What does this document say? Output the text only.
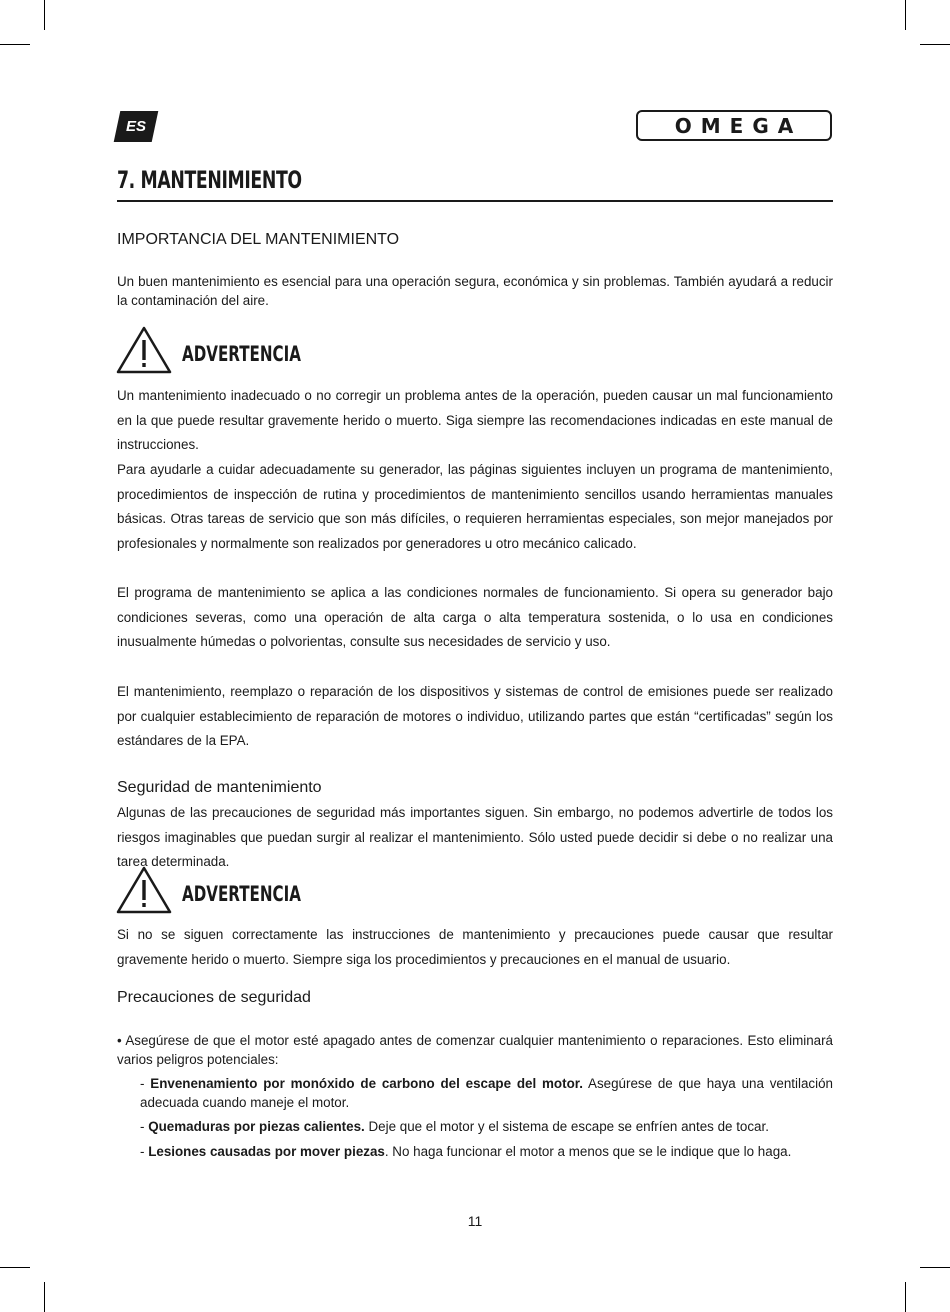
ES	OMEGA
7. MANTENIMIENTO
IMPORTANCIA DEL MANTENIMIENTO

Un buen mantenimiento es esencial para una operación segura, económica y sin problemas. También ayudará a reducir la contaminación del aire.

ADVERTENCIA

Un mantenimiento inadecuado o no corregir un problema antes de la operación, pueden causar un mal funcionamiento en la que puede resultar gravemente herido o muerto. Siga siempre las recomendaciones indicadas en este manual de instrucciones.

Para ayudarle a cuidar adecuadamente su generador, las páginas siguientes incluyen un programa de mantenimiento, procedimientos de inspección de rutina y procedimientos de mantenimiento sencillos usando herramientas manuales básicas. Otras tareas de servicio que son más difíciles, o requieren herramientas especiales, son mejor manejados por profesionales y normalmente son realizados por generadores u otro mecánico calicado.

El programa de mantenimiento se aplica a las condiciones normales de funcionamiento. Si opera su generador bajo condiciones severas, como una operación de alta carga o alta temperatura sostenida, o lo usa en condiciones inusualmente húmedas o polvorientas, consulte sus necesidades de servicio y uso.

El mantenimiento, reemplazo o reparación de los dispositivos y sistemas de control de emisiones puede ser realizado por cualquier establecimiento de reparación de motores o individuo, utilizando partes que están “certificadas” según los estándares de la EPA.

Seguridad de mantenimiento

Algunas de las precauciones de seguridad más importantes siguen. Sin embargo, no podemos advertirle de todos los riesgos imaginables que puedan surgir al realizar el mantenimiento. Sólo usted puede decidir si debe o no realizar una tarea determinada.

ADVERTENCIA

Si no se siguen correctamente las instrucciones de mantenimiento y precauciones puede causar que resultar gravemente herido o muerto. Siempre siga los procedimientos y precauciones en el manual de usuario.

Precauciones de seguridad

• Asegúrese de que el motor esté apagado antes de comenzar cualquier mantenimiento o reparaciones. Esto eliminará varios peligros potenciales:

- Envenenamiento por monóxido de carbono del escape del motor. Asegúrese de que haya una ventilación adecuada cuando maneje el motor.

- Quemaduras por piezas calientes. Deje que el motor y el sistema de escape se enfríen antes de tocar.

- Lesiones causadas por mover piezas. No haga funcionar el motor a menos que se le indique que lo haga.

11
